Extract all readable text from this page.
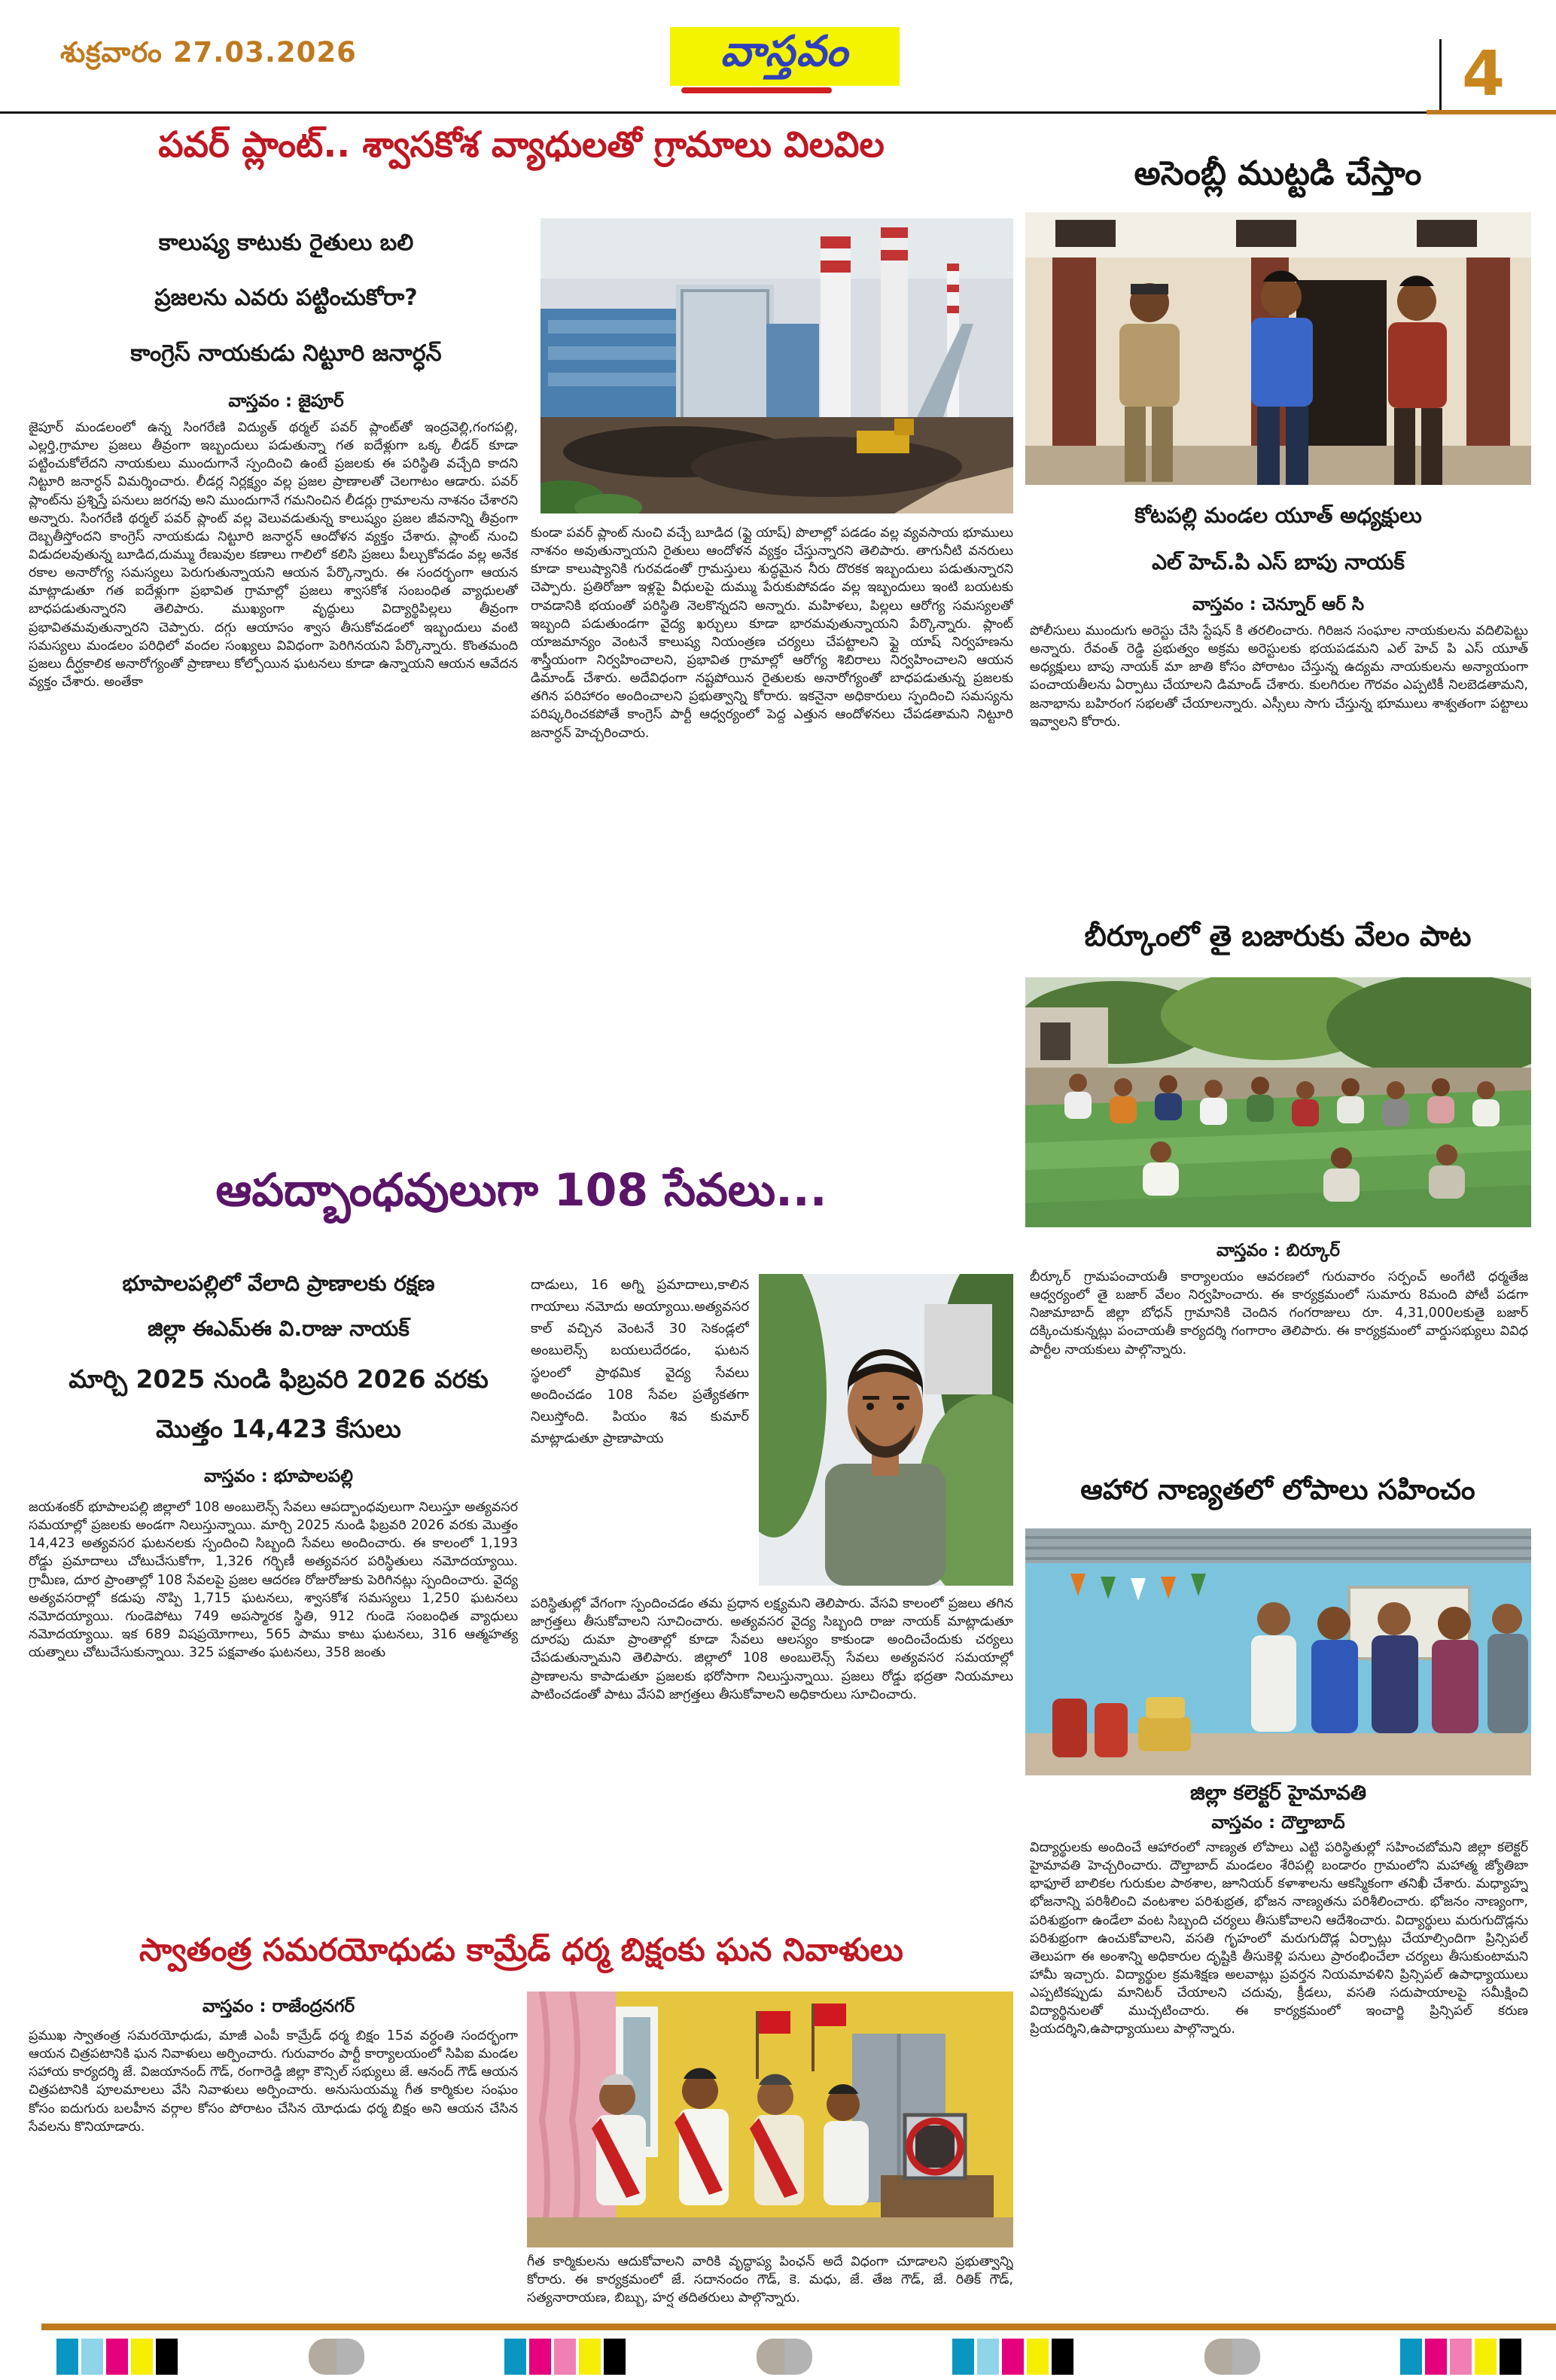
శుక్రవారం 27.03.2026	వాస్తవం	4
పవర్ ప్లాంట్.. శ్వాసకోశ వ్యాధులతో గ్రామాలు విలవిల
కాలుష్య కాటుకు రైతులు బలి
ప్రజలను ఎవరు పట్టించుకోరా?
కాంగ్రెస్ నాయకుడు నిట్టూరి జనార్ధన్
వాస్తవం : జైపూర్
జైపూర్ మండలంలో ఉన్న సింగరేణి విద్యుత్ థర్మల్ పవర్ ప్లాంట్‌తో ఇంద్రవెల్లి,గంగపల్లి, ఎల్లర్తి,గ్రామాల ప్రజలు తీవ్రంగా ఇబ్బందులు పడుతున్నా గత ఐదేళ్లుగా ఒక్క లీడర్ కూడా పట్టించుకోలేదని నాయకులు ముందుగానే స్పందించి ఉంటే ప్రజలకు ఈ పరిస్థితి వచ్చేది కాదని నిట్టూరి జనార్ధన్ విమర్శించారు. లీడర్ల నిర్లక్ష్యం వల్ల ప్రజల ప్రాణాలతో చెలగాటం ఆడారు. పవర్ ప్లాంట్‌ను ప్రశ్నిస్తే పనులు జరగవు అని ముందుగానే గమనించిన లీడర్లు గ్రామాలను నాశనం చేశారని అన్నారు. సింగరేణి థర్మల్ పవర్ ప్లాంట్ వల్ల వెలువడుతున్న కాలుష్యం ప్రజల జీవనాన్ని తీవ్రంగా దెబ్బతీస్తోందని కాంగ్రెస్ నాయకుడు నిట్టూరి జనార్ధన్ ఆందోళన వ్యక్తం చేశారు. ప్లాంట్ నుంచి విడుదలవుతున్న బూడిద,దుమ్ము రేణువుల కణాలు గాలిలో కలిసి ప్రజలు పీల్చుకోవడం వల్ల అనేక రకాల అనారోగ్య సమస్యలు పెరుగుతున్నాయని ఆయన పేర్కొన్నారు. ఈ సందర్భంగా ఆయన మాట్లాడుతూ గత ఐదేళ్లుగా ప్రభావిత గ్రామాల్లో ప్రజలు శ్వాసకోశ సంబంధిత వ్యాధులతో బాధపడుతున్నారని తెలిపారు. ముఖ్యంగా వృద్ధులు విద్యార్థిపిల్లలు తీవ్రంగా ప్రభావితమవుతున్నారని చెప్పారు. దగ్గు ఆయాసం శ్వాస తీసుకోవడంలో ఇబ్బందులు వంటి సమస్యలు మండలం పరిధిలో వందల సంఖ్యలు వివిధంగా పెరిగినయని పేర్కొన్నారు. కొంతమంది ప్రజలు దీర్ఘకాలిక అనారోగ్యంతో ప్రాణాలు కోల్పోయిన ఘటనలు కూడా ఉన్నాయని ఆయన ఆవేదన వ్యక్తం చేశారు. అంతేకా
కుండా పవర్ ప్లాంట్ నుంచి వచ్చే బూడిద (ఫ్లై యాష్) పొలాల్లో పడడం వల్ల వ్యవసాయ భూములు నాశనం అవుతున్నాయని రైతులు ఆందోళన వ్యక్తం చేస్తున్నారని తెలిపారు. తాగునీటి వనరులు కూడా కాలుష్యానికి గురవడంతో గ్రామస్తులు శుద్ధమైన నీరు దొరకక ఇబ్బందులు పడుతున్నారని చెప్పారు. ప్రతిరోజూ ఇళ్లపై వీధులపై దుమ్ము పేరుకుపోవడం వల్ల ఇబ్బందులు ఇంటి బయటకు రావడానికి భయంతో పరిస్థితి నెలకొన్నదని అన్నారు. మహిళలు, పిల్లలు ఆరోగ్య సమస్యలతో ఇబ్బంది పడుతుండగా వైద్య ఖర్చులు కూడా భారమవుతున్నాయని పేర్కొన్నారు. ప్లాంట్ యాజమాన్యం వెంటనే కాలుష్య నియంత్రణ చర్యలు చేపట్టాలని ఫ్లై యాష్ నిర్వహణను శాస్త్రీయంగా నిర్వహించాలని, ప్రభావిత గ్రామాల్లో ఆరోగ్య శిబిరాలు నిర్వహించాలని ఆయన డిమాండ్ చేశారు. అదేవిధంగా నష్టపోయిన రైతులకు అనారోగ్యంతో బాధపడుతున్న ప్రజలకు తగిన పరిహారం అందించాలని ప్రభుత్వాన్ని కోరారు. ఇకనైనా అధికారులు స్పందించి సమస్యను పరిష్కరించకపోతే కాంగ్రెస్ పార్టీ ఆధ్వర్యంలో పెద్ద ఎత్తున ఆందోళనలు చేపడతామని నిట్టూరి జనార్ధన్ హెచ్చరించారు.
అసెంబ్లీ ముట్టడి చేస్తాం
కోటపల్లి మండల యూత్ అధ్యక్షులు
ఎల్ హెచ్.పి ఎస్ బాపు నాయక్
వాస్తవం : చెన్నూర్ ఆర్ సి
పోలీసులు ముందుగు అరెస్టు చేసి స్టేషన్ కి తరలించారు. గిరిజన సంఘాల నాయకులను వదిలిపెట్టు అన్నారు. రేవంత్ రెడ్డి ప్రభుత్వం అక్రమ అరెస్టులకు భయపడమని ఎల్ హెచ్ పి ఎస్ యూత్ అధ్యక్షులు బాపు నాయక్ మా జాతి కోసం పోరాటం చేస్తున్న ఉద్యమ నాయకులను అన్యాయంగా పంచాయతీలను ఏర్పాటు చేయాలని డిమాండ్ చేశారు. కులగిరుల గౌరవం ఎప్పటికీ నిలబెడతామని, జనాభాను బహిరంగ సభలతో చేయాలన్నారు. ఎస్సీలు సాగు చేస్తున్న భూములు శాశ్వతంగా పట్టాలు ఇవ్వాలని కోరారు.
బీర్కూంలో తై బజారుకు వేలం పాట
వాస్తవం : బిర్కూర్
బీర్కూర్ గ్రామపంచాయతీ కార్యాలయం ఆవరణలో గురువారం సర్పంచ్ అంగేటి ధర్మతేజ ఆధ్వర్యంలో తై బజార్ వేలం నిర్వహించారు. ఈ కార్యక్రమంలో సుమారు 8మంది పోటీ పడగా నిజామాబాద్ జిల్లా బోధన్ గ్రామానికి చెందిన గంగరాజులు రూ. 4,31,000లకుతై బజార్ దక్కించుకున్నట్లు పంచాయతీ కార్యదర్శి గంగారాం తెలిపారు. ఈ కార్యక్రమంలో వార్డుసభ్యులు వివిధ పార్టీల నాయకులు పాల్గొన్నారు.
ఆహార నాణ్యతలో లోపాలు సహించం
జిల్లా కలెక్టర్ హైమావతి
వాస్తవం : దౌల్తాబాద్
విద్యార్థులకు అందించే ఆహారంలో నాణ్యత లోపాలు ఎట్టి పరిస్థితుల్లో సహించబోమని జిల్లా కలెక్టర్ హైమావతి హెచ్చరించారు. దౌల్తాబాద్ మండలం శేరిపల్లి బండారం గ్రామంలోని మహాత్మ జ్యోతిబా భాఫూలే బాలికల గురుకుల పాఠశాల, జూనియర్ కళాశాలను ఆకస్మికంగా తనిఖీ చేశారు. మధ్యాహ్న భోజనాన్ని పరిశీలించి వంటశాల పరిశుభ్రత, భోజన నాణ్యతను పరిశీలించారు. భోజనం నాణ్యంగా, పరిశుభ్రంగా ఉండేలా వంట సిబ్బంది చర్యలు తీసుకోవాలని ఆదేశించారు. విద్యార్థులు మరుగుదొడ్లను పరిశుభ్రంగా ఉంచుకోవాలని, వసతి గృహంలో మరుగుదొడ్ల ఏర్పాట్లు చేయాల్సిందిగా ప్రిన్సిపల్ తెలుపగా ఈ అంశాన్ని అధికారుల దృష్టికి తీసుకెళ్లి పనులు ప్రారంభించేలా చర్యలు తీసుకుంటామని హామీ ఇచ్చారు. విద్యార్థుల క్రమశిక్షణ అలవాట్లు ప్రవర్తన నియమావళిని ప్రిన్సిపల్ ఉపాధ్యాయులు ఎప్పటికప్పుడు మానిటర్ చేయాలని చదువు, క్రీడలు, వసతి సదుపాయాలపై సమీక్షించి విద్యార్థినులతో ముచ్చటించారు. ఈ కార్యక్రమంలో ఇంచార్జి ప్రిన్సిపల్ కరుణ ప్రియదర్శిని,ఉపాధ్యాయులు పాల్గొన్నారు.
ఆపద్బాంధవులుగా 108 సేవలు...
భూపాలపల్లిలో వేలాది ప్రాణాలకు రక్షణ
జిల్లా ఈఎమ్ఈ వి.రాజు నాయక్
మార్చి 2025 నుండి ఫిబ్రవరి 2026 వరకు
మొత్తం 14,423 కేసులు
వాస్తవం : భూపాలపల్లి
జయశంకర్ భూపాలపల్లి జిల్లాలో 108 అంబులెన్స్ సేవలు ఆపద్బాంధవులుగా నిలుస్తూ అత్యవసర సమయాల్లో ప్రజలకు అండగా నిలుస్తున్నాయి. మార్చి 2025 నుండి ఫిబ్రవరి 2026 వరకు మొత్తం 14,423 అత్యవసర ఘటనలకు స్పందించి సిబ్బంది సేవలు అందించారు. ఈ కాలంలో 1,193 రోడ్డు ప్రమాదాలు చోటుచేసుకోగా, 1,326 గర్భిణీ అత్యవసర పరిస్థితులు నమోదయ్యాయి. గ్రామీణ, దూర ప్రాంతాల్లో 108 సేవలపై ప్రజల ఆదరణ రోజురోజుకు పెరిగినట్లు స్పందించారు. వైద్య అత్యవసరాల్లో కడుపు నొప్పి 1,715 ఘటనలు, శ్వాసకోశ సమస్యలు 1,250 ఘటనలు నమోదయ్యాయి. గుండెపోటు 749 అపస్మారక స్థితి, 912 గుండె సంబంధిత వ్యాధులు నమోదయ్యాయి. ఇక 689 విషప్రయోగాలు, 565 పాము కాటు ఘటనలు, 316 ఆత్మహత్య యత్నాలు చోటుచేసుకున్నాయి. 325 పక్షవాతం ఘటనలు, 358 జంతు
దాడులు, 16 అగ్ని ప్రమాదాలు,కాలిన గాయాలు నమోదు అయ్యాయి.అత్యవసర కాల్ వచ్చిన వెంటనే 30 సెకండ్లలో అంబులెన్స్ బయలుదేరడం, ఘటన స్థలంలో ప్రాథమిక వైద్య సేవలు అందించడం 108 సేవల ప్రత్యేకతగా నిలుస్తోంది. పియం శివ కుమార్ మాట్లాడుతూ ప్రాణాపాయ
పరిస్థితుల్లో వేగంగా స్పందించడం తమ ప్రధాన లక్ష్యమని తెలిపారు. వేసవి కాలంలో ప్రజలు తగిన జాగ్రత్తలు తీసుకోవాలని సూచించారు. అత్యవసర వైద్య సిబ్బంది రాజు నాయక్ మాట్లాడుతూ దూరపు దుమా ప్రాంతాల్లో కూడా సేవలు ఆలస్యం కాకుండా అందించేందుకు చర్యలు చేపడుతున్నామని తెలిపారు. జిల్లాలో 108 అంబులెన్స్ సేవలు అత్యవసర సమయాల్లో ప్రాణాలను కాపాడుతూ ప్రజలకు భరోసాగా నిలుస్తున్నాయి. ప్రజలు రోడ్డు భద్రతా నియమాలు పాటించడంతో పాటు వేసవి జాగ్రత్తలు తీసుకోవాలని అధికారులు సూచించారు.
స్వాతంత్ర సమరయోధుడు కామ్రేడ్ ధర్మ బిక్షంకు ఘన నివాళులు
వాస్తవం : రాజేంద్రనగర్
ప్రముఖ స్వాతంత్ర సమరయోధుడు, మాజీ ఎంపీ కామ్రేడ్ ధర్మ బిక్షం 15వ వర్ధంతి సందర్భంగా ఆయన చిత్రపటానికి ఘన నివాళులు అర్పించారు. గురువారం పార్టీ కార్యాలయంలో సిపిఐ మండల సహాయ కార్యదర్శి జే. విజయానంద్ గౌడ్, రంగారెడ్డి జిల్లా కౌన్సిల్ సభ్యులు జే. ఆనంద్ గౌడ్ ఆయన చిత్రపటానికి పూలమాలలు వేసి నివాళులు అర్పించారు. అనుసుయమ్మ గీత కార్మికుల సంఘం కోసం ఐదుగురు బలహీన వర్గాల కోసం పోరాటం చేసిన యోధుడు ధర్మ బిక్షం అని ఆయన చేసిన సేవలను కొనియాడారు.
గీత కార్మికులను ఆదుకోవాలని వారికి వృద్ధాప్య పింఛన్ అదే విధంగా చూడాలని ప్రభుత్వాన్ని కోరారు. ఈ కార్యక్రమంలో జే. సదానందం గౌడ్, కె. మధు, జే. తేజ గౌడ్, జే. రితిక్ గౌడ్, సత్యనారాయణ, బిబ్బు, హర్ష తదితరులు పాల్గొన్నారు.
